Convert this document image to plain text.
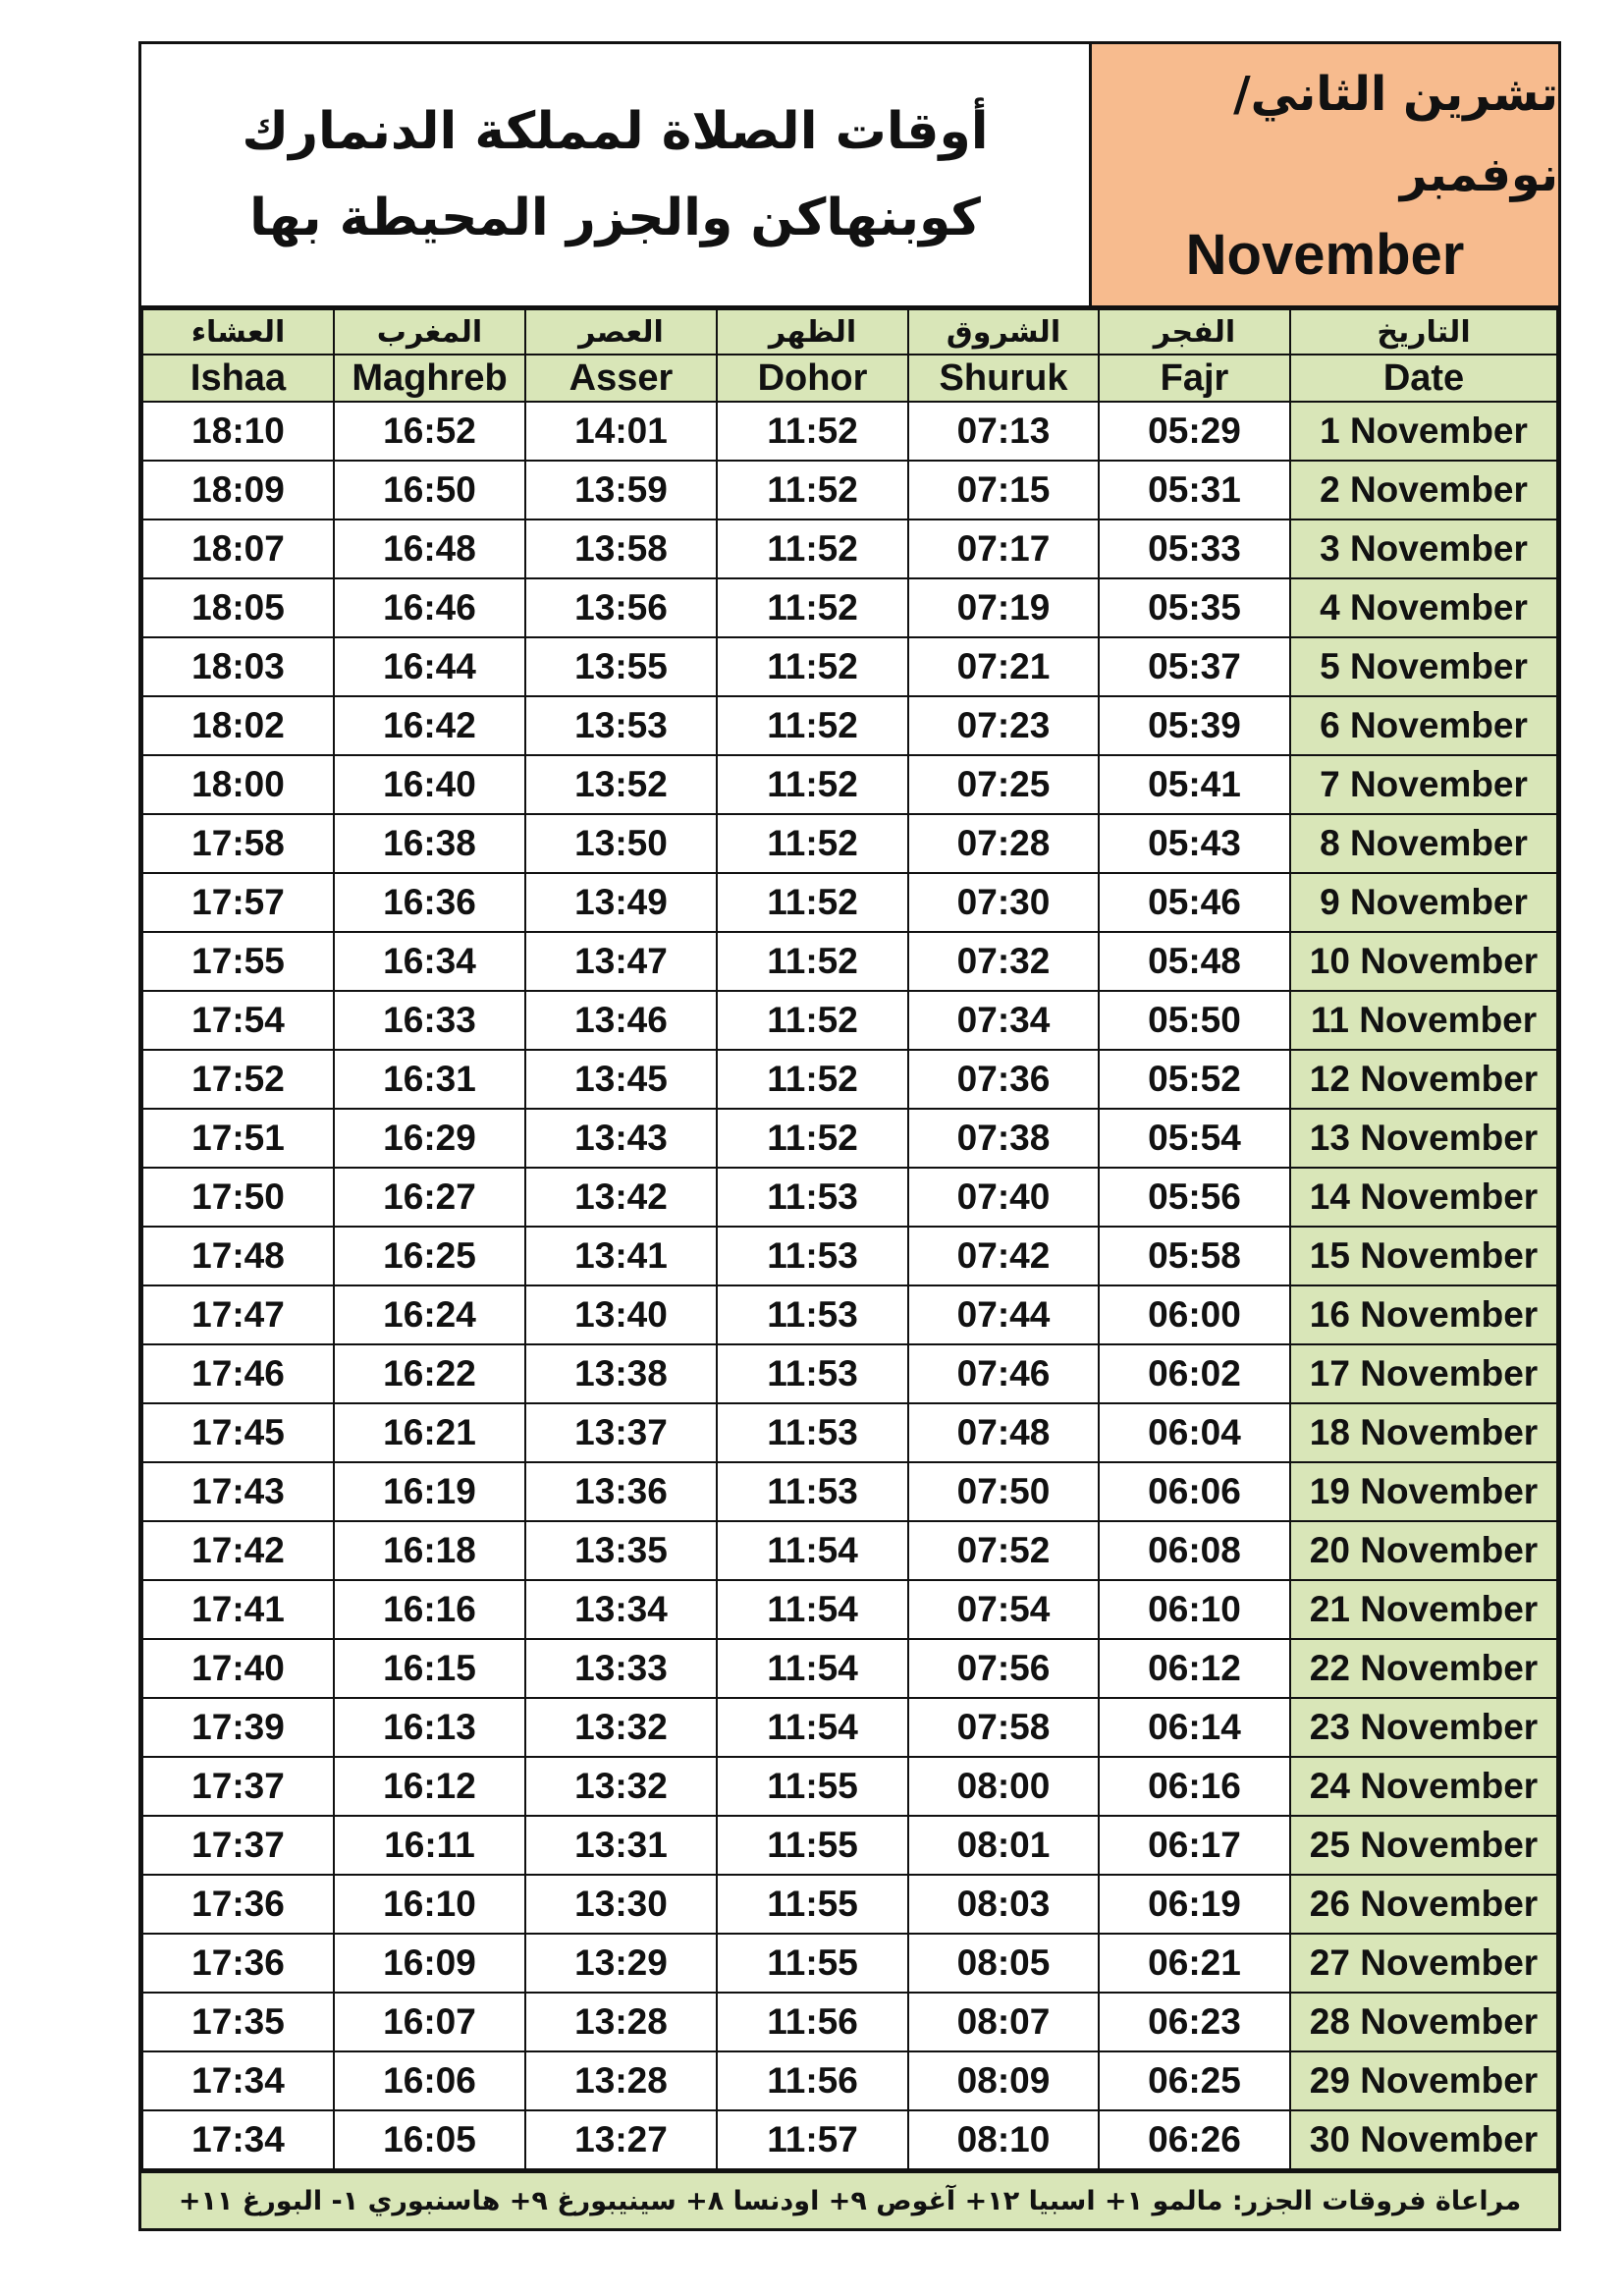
أوقات الصلاة لمملكة الدنمارك
كوبنهاكن والجزر المحيطة بها
تشرين الثاني/ نوفمبر
November
العشاء	المغرب	العصر	الظهر	الشروق	الفجر	التاريخ
Ishaa	Maghreb	Asser	Dohor	Shuruk	Fajr	Date
18:10	16:52	14:01	11:52	07:13	05:29	1 November
18:09	16:50	13:59	11:52	07:15	05:31	2 November
18:07	16:48	13:58	11:52	07:17	05:33	3 November
18:05	16:46	13:56	11:52	07:19	05:35	4 November
18:03	16:44	13:55	11:52	07:21	05:37	5 November
18:02	16:42	13:53	11:52	07:23	05:39	6 November
18:00	16:40	13:52	11:52	07:25	05:41	7 November
17:58	16:38	13:50	11:52	07:28	05:43	8 November
17:57	16:36	13:49	11:52	07:30	05:46	9 November
17:55	16:34	13:47	11:52	07:32	05:48	10 November
17:54	16:33	13:46	11:52	07:34	05:50	11 November
17:52	16:31	13:45	11:52	07:36	05:52	12 November
17:51	16:29	13:43	11:52	07:38	05:54	13 November
17:50	16:27	13:42	11:53	07:40	05:56	14 November
17:48	16:25	13:41	11:53	07:42	05:58	15 November
17:47	16:24	13:40	11:53	07:44	06:00	16 November
17:46	16:22	13:38	11:53	07:46	06:02	17 November
17:45	16:21	13:37	11:53	07:48	06:04	18 November
17:43	16:19	13:36	11:53	07:50	06:06	19 November
17:42	16:18	13:35	11:54	07:52	06:08	20 November
17:41	16:16	13:34	11:54	07:54	06:10	21 November
17:40	16:15	13:33	11:54	07:56	06:12	22 November
17:39	16:13	13:32	11:54	07:58	06:14	23 November
17:37	16:12	13:32	11:55	08:00	06:16	24 November
17:37	16:11	13:31	11:55	08:01	06:17	25 November
17:36	16:10	13:30	11:55	08:03	06:19	26 November
17:36	16:09	13:29	11:55	08:05	06:21	27 November
17:35	16:07	13:28	11:56	08:07	06:23	28 November
17:34	16:06	13:28	11:56	08:09	06:25	29 November
17:34	16:05	13:27	11:57	08:10	06:26	30 November
مراعاة فروقات الجزر: مالمو ١+ اسبيا ١٢+ آغوص ٩+ اودنسا ٨+ سينيبورغ ٩+ هاسنبوري ١- البورغ ١١+
